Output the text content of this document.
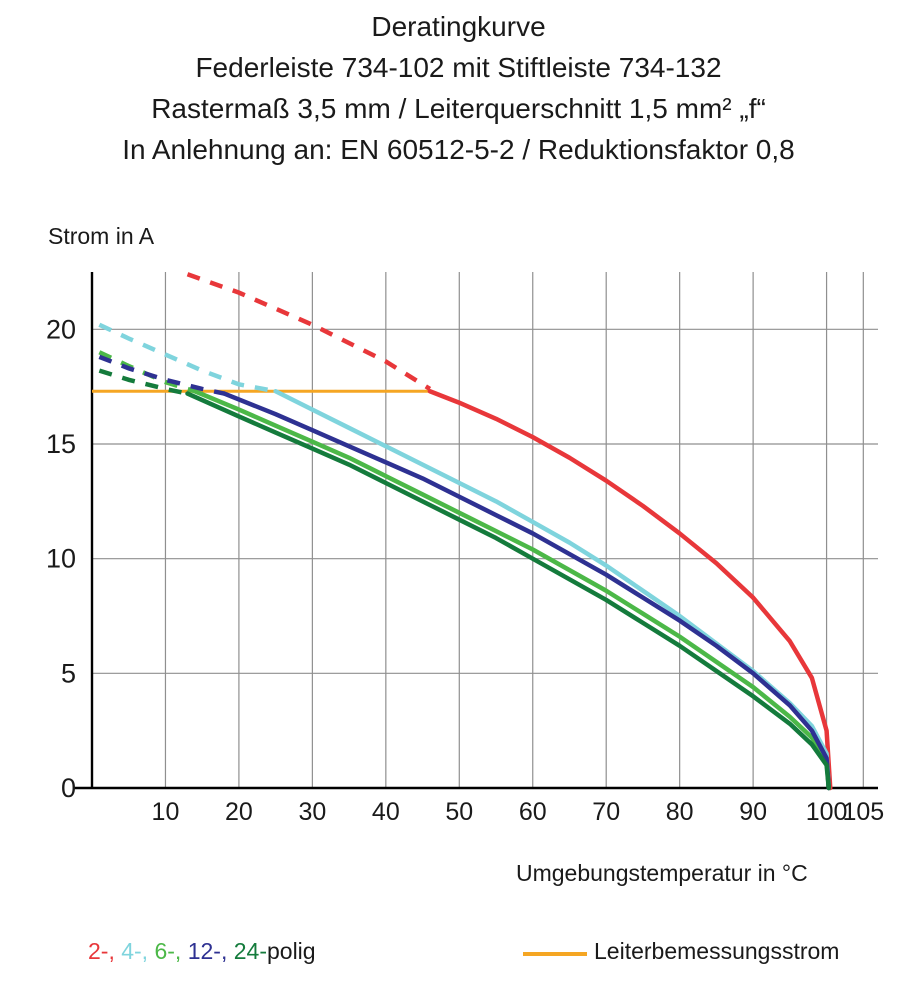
Deratingkurve
Federleiste 734-102 mit Stiftleiste 734-132
Rastermaß 3,5 mm / Leiterquerschnitt 1,5 mm² „f“
In Anlehnung an: EN 60512-5-2 / Reduktionsfaktor 0,8
Strom in A
Umgebungstemperatur in °C
10 20 30 40 50 60 70 80 90 100
105
0
5
10
15
20
2-, 4-, 6-, 12-, 24-polig	Leiterbemessungsstrom
